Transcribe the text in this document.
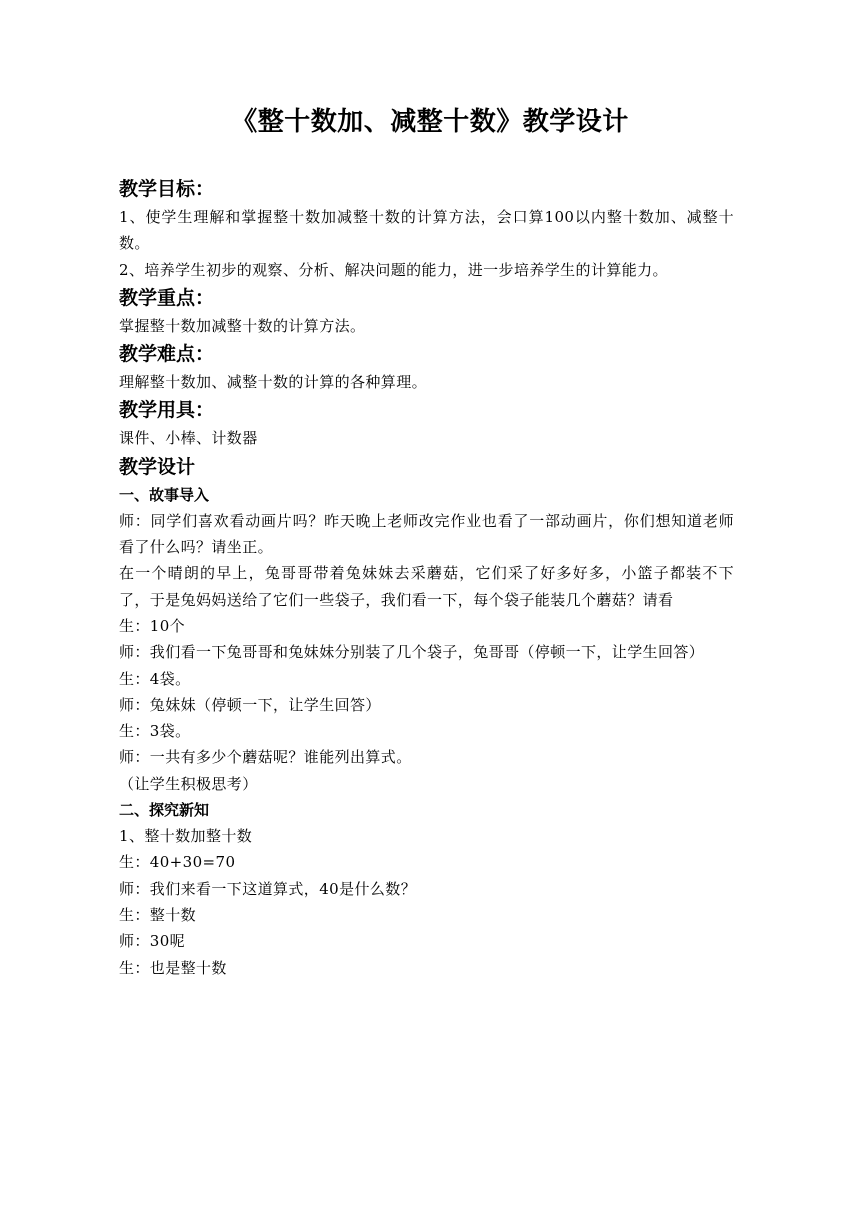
《整十数加、减整十数》教学设计

教学目标：

1、使学生理解和掌握整十数加减整十数的计算方法，会口算100以内整十数加、减整十数。

2、培养学生初步的观察、分析、解决问题的能力，进一步培养学生的计算能力。

教学重点：

掌握整十数加减整十数的计算方法。

教学难点：

理解整十数加、减整十数的计算的各种算理。

教学用具：

课件、小棒、计数器

教学设计

一、故事导入

师：同学们喜欢看动画片吗？昨天晚上老师改完作业也看了一部动画片，你们想知道老师看了什么吗？请坐正。

在一个晴朗的早上，兔哥哥带着兔妹妹去采蘑菇，它们采了好多好多，小篮子都装不下了，于是兔妈妈送给了它们一些袋子，我们看一下，每个袋子能装几个蘑菇？请看

生：10个

师：我们看一下兔哥哥和兔妹妹分别装了几个袋子，兔哥哥（停顿一下，让学生回答）

生：4袋。

师：兔妹妹（停顿一下，让学生回答）

生：3袋。

师：一共有多少个蘑菇呢？谁能列出算式。

（让学生积极思考）

二、探究新知

1、整十数加整十数

生：40+30=70

师：我们来看一下这道算式，40是什么数？

生：整十数

师：30呢

生：也是整十数
